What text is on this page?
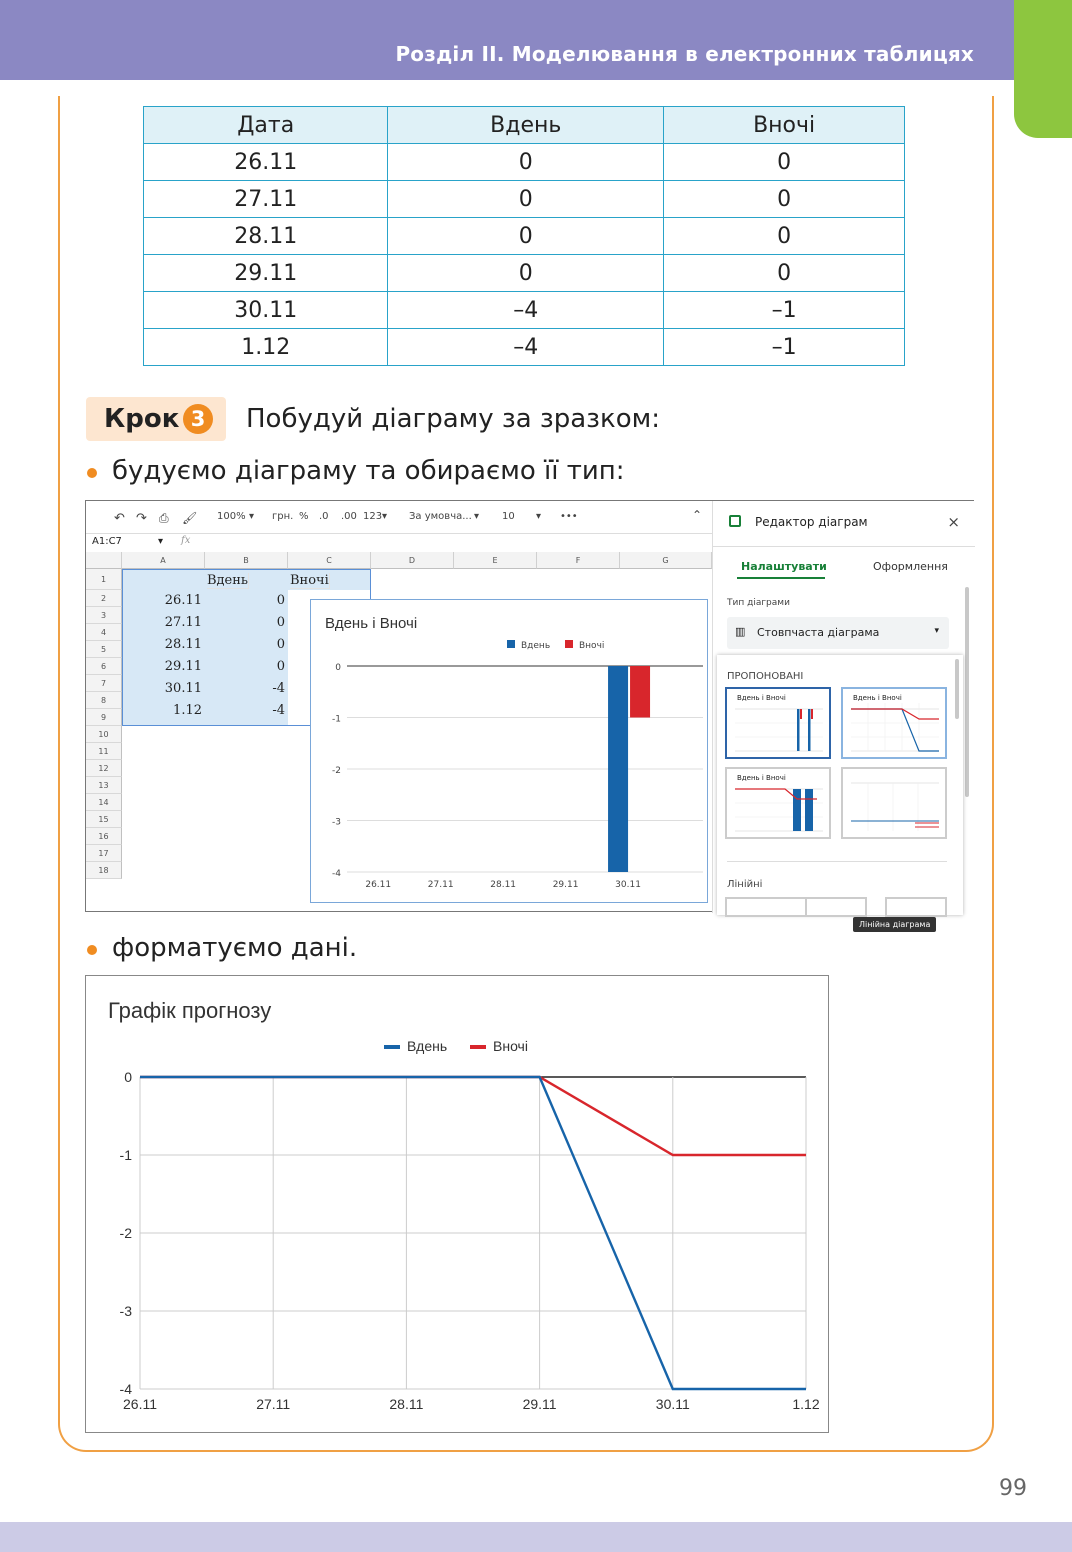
Розділ ІІ. Моделювання в електронних таблицях
Дата	Вдень	Вночі
26.11	0	0
27.11	0	0
28.11	0	0
29.11	0	0
30.11	–4	–1
1.12	–4	–1
Крок 3 Побудуй діаграму за зразком:
будуємо діаграму та обираємо її тип:
↶ ↷ ⎙ 🖌 100% ▾ грн. % .0 .00 123 ▾ За умовча... ▾ 10 ▾ •••	⌃
A1:C7	▾ fx
A	B	C	D	E	F	G
1
2
3
4
5
6
7
8
9
10
11
12
13
14
15
16
17
18
Вдень	Вночі
26.11	0
27.11	0
28.11	0
29.11	0
30.11	-4
1.12	-4
Вдень і Вночі
Вдень	Вночі
0
-1
-2
-3
-4
26.11	27.11	28.11	29.11	30.11
Редактор діаграм	×
Налаштувати	Оформлення
Тип діаграми
▥ Стовпчаста діаграма	▾
ПРОПОНОВАНІ
Вдень і Вночі	Вдень і Вночі
Лінійна діаграма
Вдень і Вночі
Лінійні
форматуємо дані.
Графік прогнозу
Вдень	Вночі
0
-1
-2
-3
-4
26.11	27.11	28.11	29.11	30.11	1.12
99
